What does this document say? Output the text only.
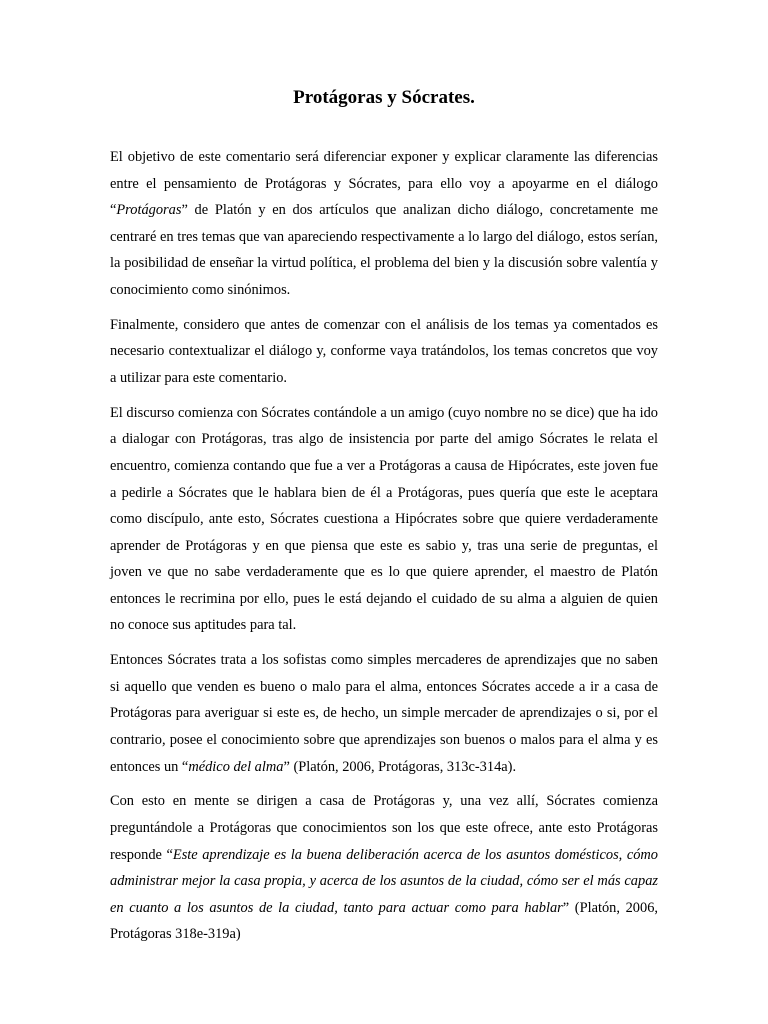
Protágoras y Sócrates.

El objetivo de este comentario será diferenciar exponer y explicar claramente las diferencias entre el pensamiento de Protágoras y Sócrates, para ello voy a apoyarme en el diálogo “Protágoras” de Platón y en dos artículos que analizan dicho diálogo, concretamente me centraré en tres temas que van apareciendo respectivamente a lo largo del diálogo, estos serían, la posibilidad de enseñar la virtud política, el problema del bien y la discusión sobre valentía y conocimiento como sinónimos.

Finalmente, considero que antes de comenzar con el análisis de los temas ya comentados es necesario contextualizar el diálogo y, conforme vaya tratándolos, los temas concretos que voy a utilizar para este comentario.

El discurso comienza con Sócrates contándole a un amigo (cuyo nombre no se dice) que ha ido a dialogar con Protágoras, tras algo de insistencia por parte del amigo Sócrates le relata el encuentro, comienza contando que fue a ver a Protágoras a causa de Hipócrates, este joven fue a pedirle a Sócrates que le hablara bien de él a Protágoras, pues quería que este le aceptara como discípulo, ante esto, Sócrates cuestiona a Hipócrates sobre que quiere verdaderamente aprender de Protágoras y en que piensa que este es sabio y, tras una serie de preguntas, el joven ve que no sabe verdaderamente que es lo que quiere aprender, el maestro de Platón entonces le recrimina por ello, pues le está dejando el cuidado de su alma a alguien de quien no conoce sus aptitudes para tal.

Entonces Sócrates trata a los sofistas como simples mercaderes de aprendizajes que no saben si aquello que venden es bueno o malo para el alma, entonces Sócrates accede a ir a casa de Protágoras para averiguar si este es, de hecho, un simple mercader de aprendizajes o si, por el contrario, posee el conocimiento sobre que aprendizajes son buenos o malos para el alma y es entonces un “médico del alma” (Platón, 2006, Protágoras, 313c-314a).

Con esto en mente se dirigen a casa de Protágoras y, una vez allí, Sócrates comienza preguntándole a Protágoras que conocimientos son los que este ofrece, ante esto Protágoras responde “Este aprendizaje es la buena deliberación acerca de los asuntos domésticos, cómo administrar mejor la casa propia, y acerca de los asuntos de la ciudad, cómo ser el más capaz en cuanto a los asuntos de la ciudad, tanto para actuar como para hablar” (Platón, 2006, Protágoras 318e-319a)
